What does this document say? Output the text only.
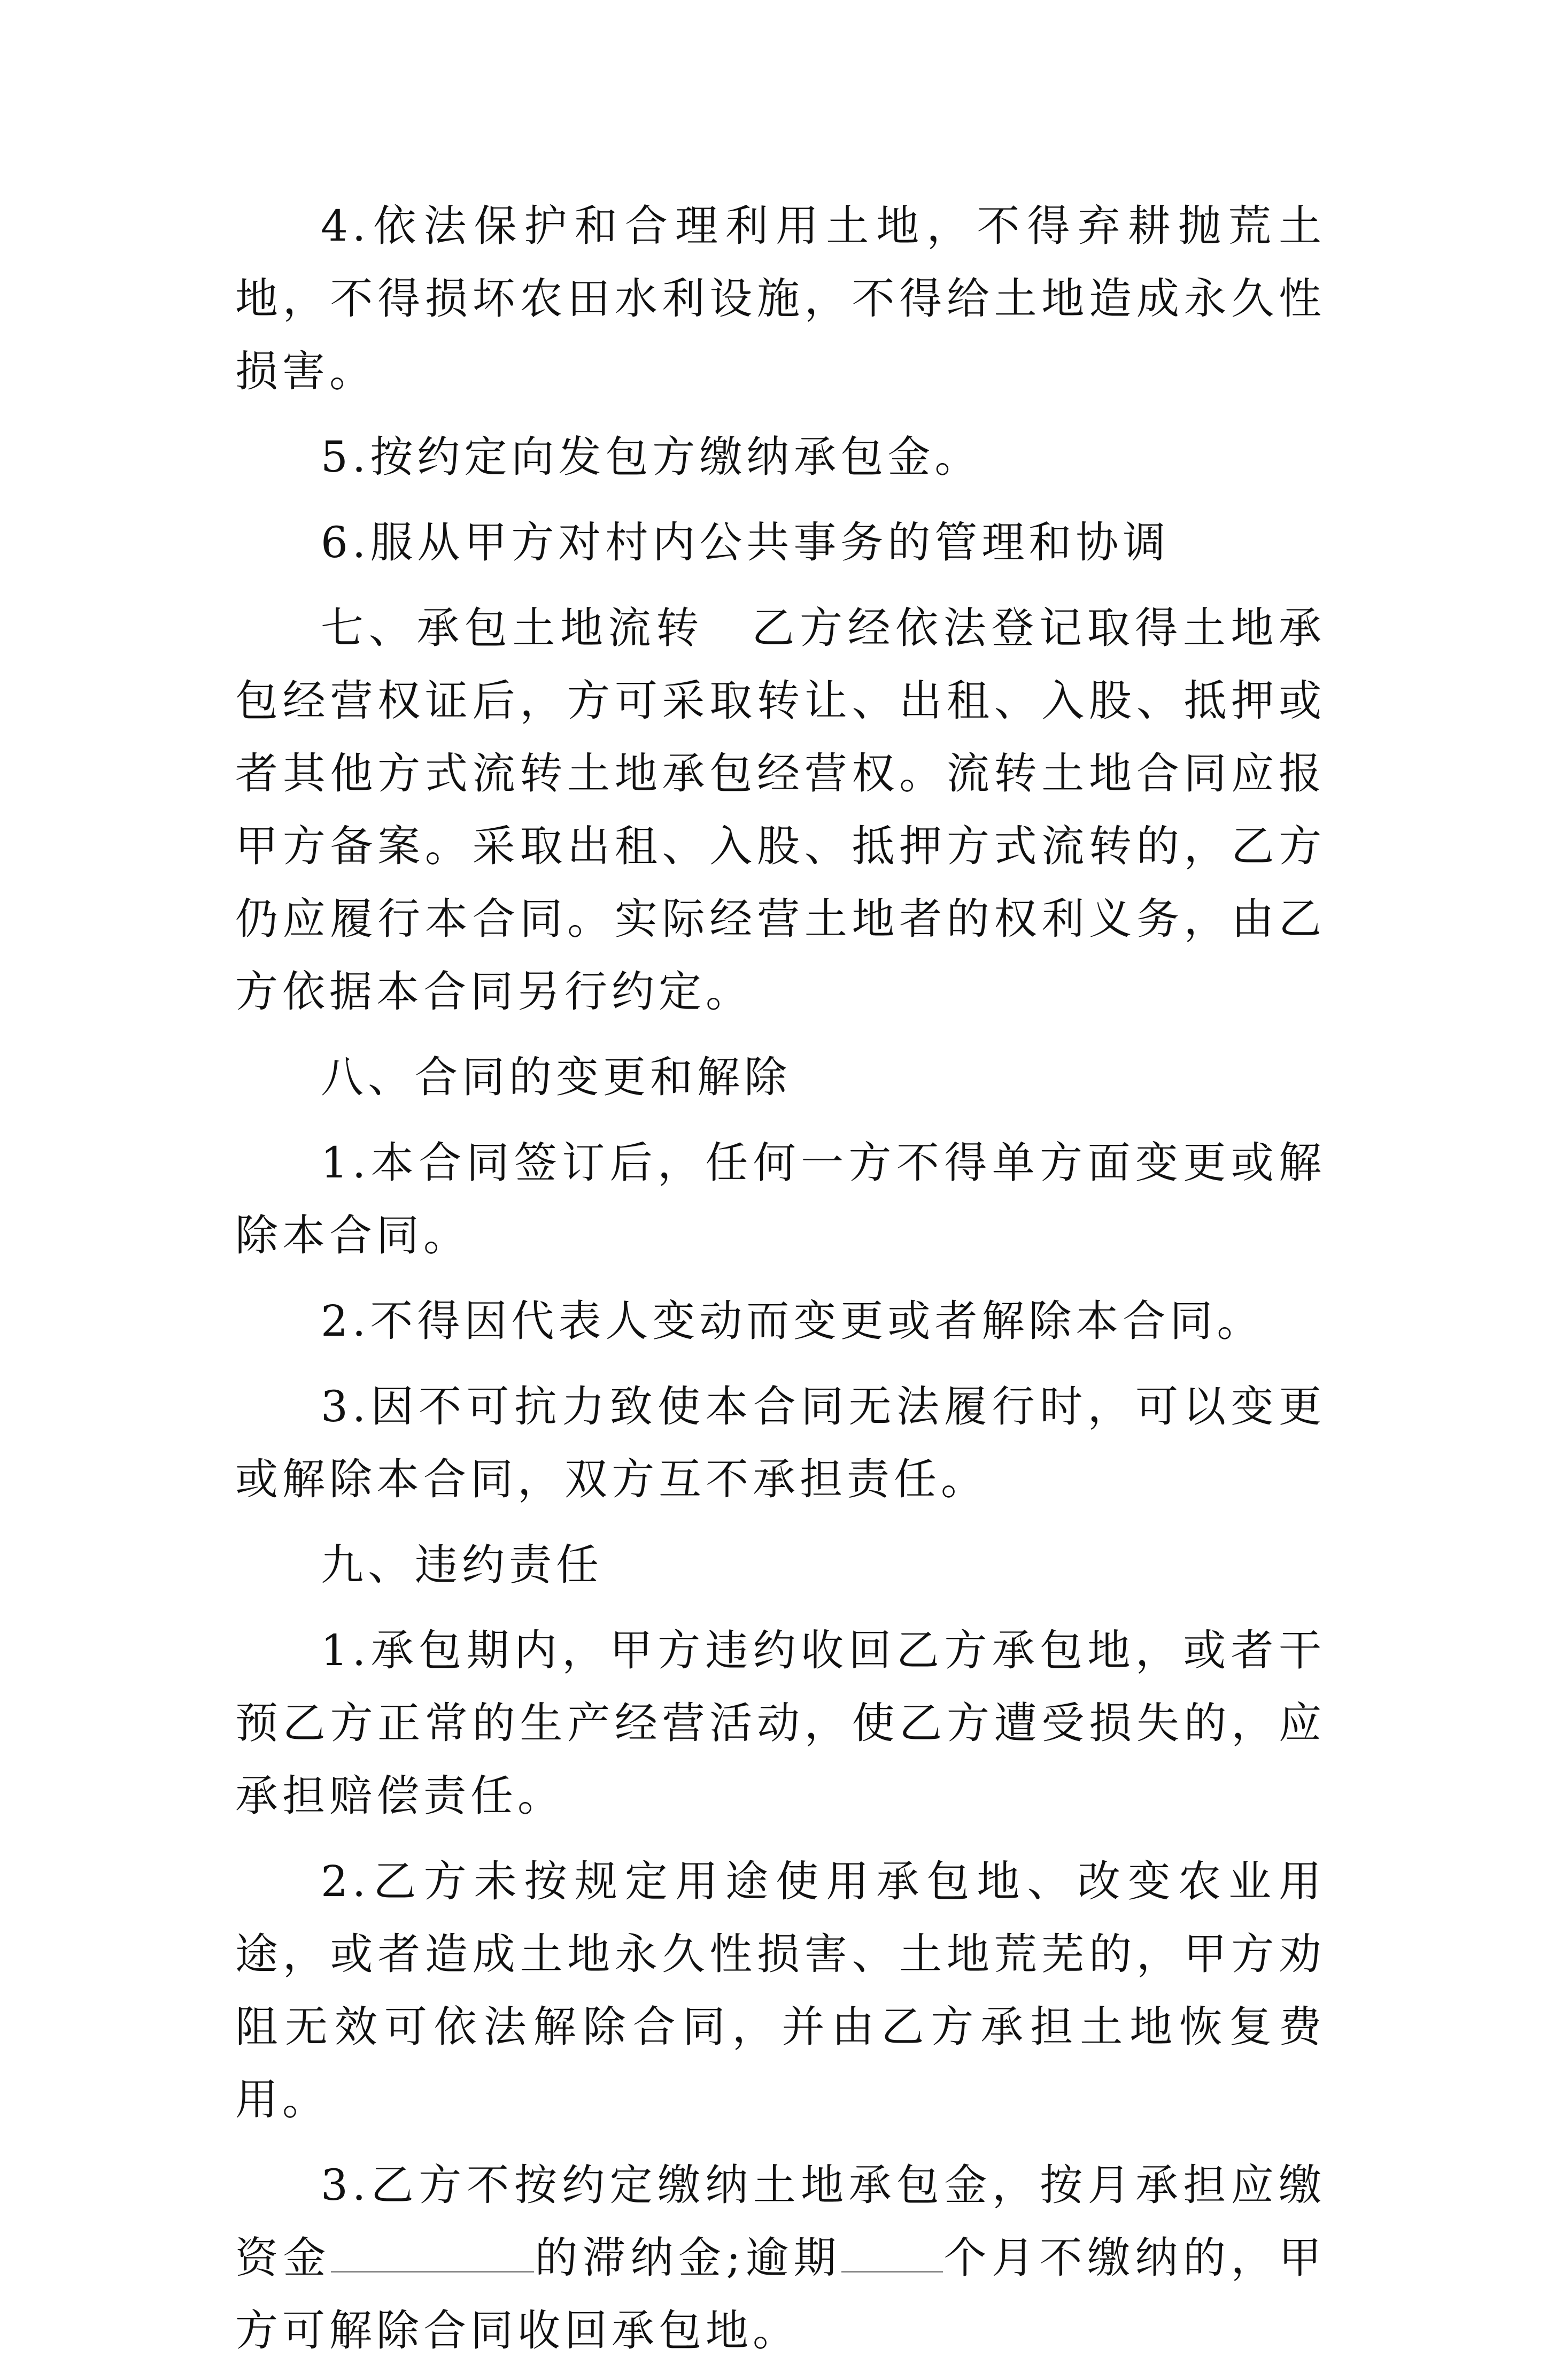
4.依法保护和合理利用土地，不得弃耕抛荒土地，不得损坏农田水利设施，不得给土地造成永久性损害。

5.按约定向发包方缴纳承包金。

6.服从甲方对村内公共事务的管理和协调

七、承包土地流转　乙方经依法登记取得土地承包经营权证后，方可采取转让、出租、入股、抵押或者其他方式流转土地承包经营权。流转土地合同应报甲方备案。采取出租、入股、抵押方式流转的，乙方仍应履行本合同。实际经营土地者的权利义务，由乙方依据本合同另行约定。

八、合同的变更和解除

1.本合同签订后，任何一方不得单方面变更或解除本合同。

2.不得因代表人变动而变更或者解除本合同。

3.因不可抗力致使本合同无法履行时，可以变更或解除本合同，双方互不承担责任。

九、违约责任

1.承包期内，甲方违约收回乙方承包地，或者干预乙方正常的生产经营活动，使乙方遭受损失的，应承担赔偿责任。

2.乙方未按规定用途使用承包地、改变农业用途，或者造成土地永久性损害、土地荒芜的，甲方劝阻无效可依法解除合同，并由乙方承担土地恢复费用。

3.乙方不按约定缴纳土地承包金，按月承担应缴资金	的滞纳金;逾期 个月不缴纳的，甲方可解除合同收回承包地。
